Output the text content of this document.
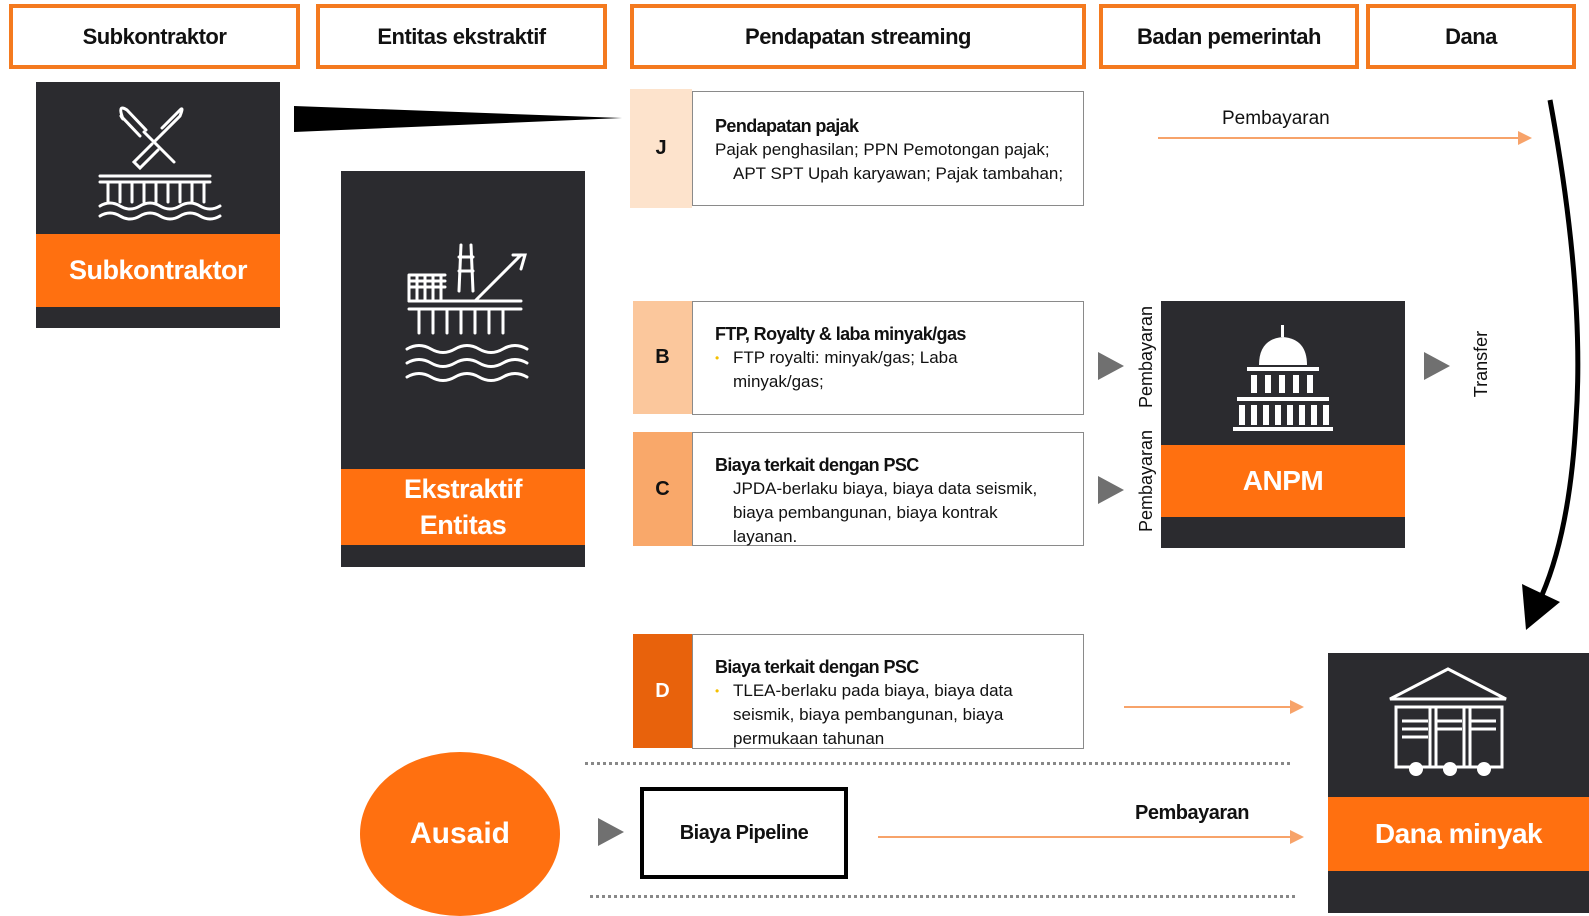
Subkontraktor	Entitas ekstraktif	Pendapatan streaming	Badan pemerintah	Dana
Subkontraktor
Ekstraktif
Entitas
J
Pendapatan pajak
Pajak penghasilan; PPN Pemotongan pajak;
APT SPT Upah karyawan; Pajak tambahan;
B
FTP, Royalty & laba minyak/gas
• FTP royalti: minyak/gas; Laba
minyak/gas;
C
Biaya terkait dengan PSC
JPDA-berlaku biaya, biaya data seismik,
biaya pembangunan, biaya kontrak
layanan.
D
Biaya terkait dengan PSC
• TLEA-berlaku pada biaya, biaya data
seismik, biaya pembangunan, biaya
permukaan tahunan
Pembayaran
Pembayaran
Pembayaran	ANPM
Transfer
Ausaid	Biaya Pipeline
Pembayaran
Dana minyak
